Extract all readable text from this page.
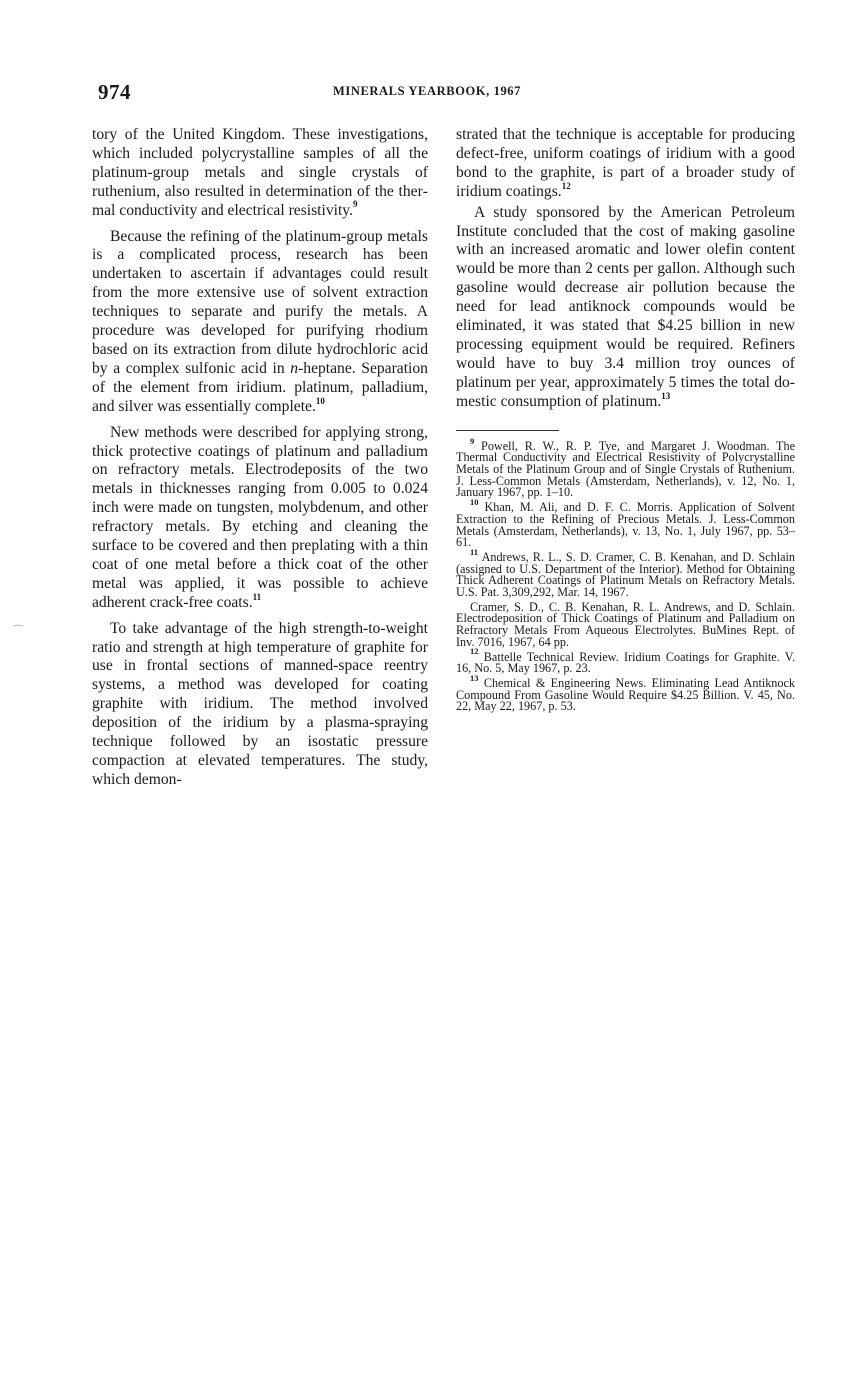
974	MINERALS YEARBOOK, 1967
⌒

tory of the United Kingdom. These investigations, which included polycrystalline samples of all the platinum-group metals and single crystals of ruthenium, also resulted in determination of the thermal conductivity and electrical resistivity.$^9$

Because the refining of the platinum-group metals is a complicated process, research has been undertaken to ascertain if advantages could result from the more extensive use of solvent extraction techniques to separate and purify the metals. A procedure was developed for purifying rhodium based on its extraction from dilute hydrochloric acid by a complex sulfonic acid in n-heptane. Separation of the element from iridium. platinum, palladium, and silver was essentially complete.$^{10}$

New methods were described for applying strong, thick protective coatings of platinum and palladium on refractory metals. Electrodeposits of the two metals in thicknesses ranging from 0.005 to 0.024 inch were made on tungsten, molybdenum, and other refractory metals. By etching and cleaning the surface to be covered and then preplating with a thin coat of one metal before a thick coat of the other metal was applied, it was possible to achieve adherent crack-free coats.$^{11}$

To take advantage of the high strength-to-weight ratio and strength at high temperature of graphite for use in frontal sections of manned-space reentry systems, a method was developed for coating graphite with iridium. The method involved deposition of the iridium by a plasma-spraying technique followed by an isostatic pressure compaction at elevated temperatures. The study, which demon-

strated that the technique is acceptable for producing defect-free, uniform coatings of iridium with a good bond to the graphite, is part of a broader study of iridium coatings.$^{12}$

A study sponsored by the American Petroleum Institute concluded that the cost of making gasoline with an increased aromatic and lower olefin content would be more than 2 cents per gallon. Although such gasoline would decrease air pollution because the need for lead antiknock compounds would be eliminated, it was stated that $4.25 billion in new processing equipment would be required. Refiners would have to buy 3.4 million troy ounces of platinum per year, approximately 5 times the total domestic consumption of platinum.$^{13}$

$^9$ Powell, R. W., R. P. Tye, and Margaret J. Woodman. The Thermal Conductivity and Electrical Resistivity of Polycrystalline Metals of the Platinum Group and of Single Crystals of Ruthenium. J. Less-Common Metals (Amsterdam, Netherlands), v. 12, No. 1, January 1967, pp. 1–10.

$^{10}$ Khan, M. Ali, and D. F. C. Morris. Application of Solvent Extraction to the Refining of Precious Metals. J. Less-Common Metals (Amsterdam, Netherlands), v. 13, No. 1, July 1967, pp. 53–61.

$^{11}$ Andrews, R. L., S. D. Cramer, C. B. Kenahan, and D. Schlain (assigned to U.S. Department of the Interior). Method for Obtaining Thick Adherent Coatings of Platinum Metals on Refractory Metals. U.S. Pat. 3,309,292, Mar. 14, 1967.

Cramer, S. D., C. B. Kenahan, R. L. Andrews, and D. Schlain. Electrodeposition of Thick Coatings of Platinum and Palladium on Refractory Metals From Aqueous Electrolytes. BuMines Rept. of Inv. 7016, 1967, 64 pp.

$^{12}$ Battelle Technical Review. Iridium Coatings for Graphite. V. 16, No. 5, May 1967, p. 23.

$^{13}$ Chemical & Engineering News. Eliminating Lead Antiknock Compound From Gasoline Would Require $4.25 Billion. V. 45, No. 22, May 22, 1967, p. 53.
